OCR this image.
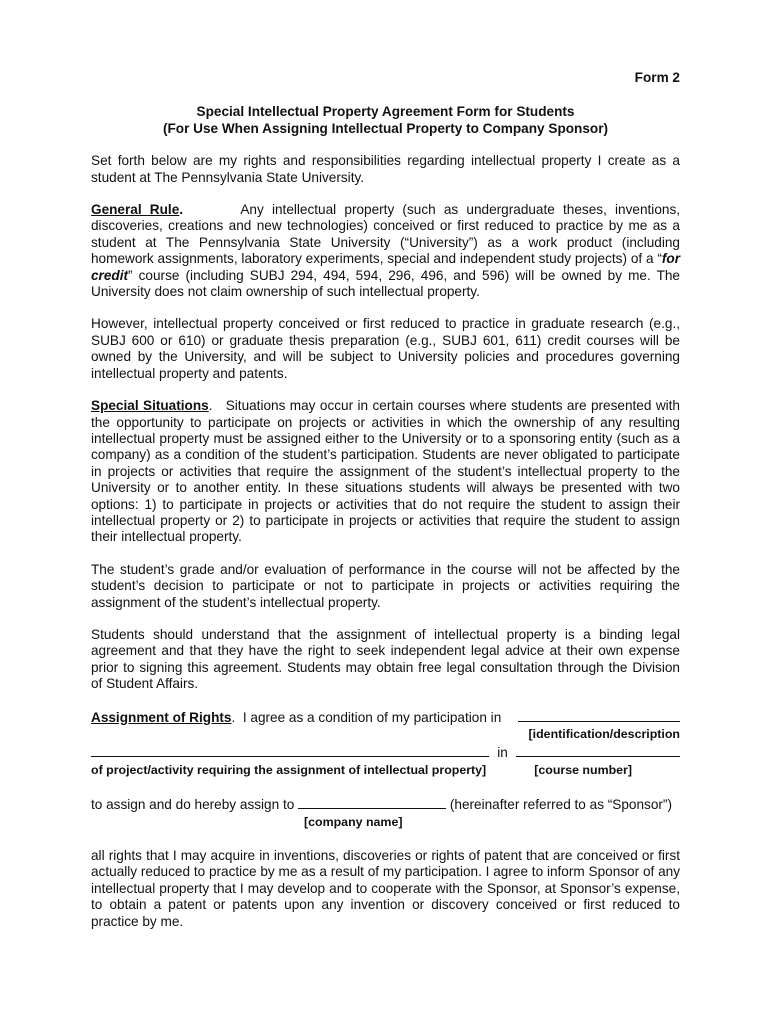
Form 2
Special Intellectual Property Agreement Form for Students
(For Use When Assigning Intellectual Property to Company Sponsor)
Set forth below are my rights and responsibilities regarding intellectual property I create as a student at The Pennsylvania State University.
General Rule.	Any intellectual property (such as undergraduate theses, inventions, discoveries, creations and new technologies) conceived or first reduced to practice by me as a student at The Pennsylvania State University (“University”) as a work product (including homework assignments, laboratory experiments, special and independent study projects) of a “for credit” course (including SUBJ 294, 494, 594, 296, 496, and 596) will be owned by me. The University does not claim ownership of such intellectual property.
However, intellectual property conceived or first reduced to practice in graduate research (e.g., SUBJ 600 or 610) or graduate thesis preparation (e.g., SUBJ 601, 611) credit courses will be owned by the University, and will be subject to University policies and procedures governing intellectual property and patents.
Special Situations.   Situations may occur in certain courses where students are presented with the opportunity to participate on projects or activities in which the ownership of any resulting intellectual property must be assigned either to the University or to a sponsoring entity (such as a company) as a condition of the student’s participation. Students are never obligated to participate in projects or activities that require the assignment of the student’s intellectual property to the University or to another entity. In these situations students will always be presented with two options: 1) to participate in projects or activities that do not require the student to assign their intellectual property or 2) to participate in projects or activities that require the student to assign their intellectual property.
The student’s grade and/or evaluation of performance in the course will not be affected by the student’s decision to participate or not to participate in projects or activities requiring the assignment of the student’s intellectual property.
Students should understand that the assignment of intellectual property is a binding legal agreement and that they have the right to seek independent legal advice at their own expense prior to signing this agreement. Students may obtain free legal consultation through the Division of Student Affairs.
Assignment of Rights.  I agree as a condition of my participation in
[identification/description
in
of project/activity requiring the assignment of intellectual property]	[course number]
to assign and do hereby assign to	(hereinafter referred to as “Sponsor”)
[company name]
all rights that I may acquire in inventions, discoveries or rights of patent that are conceived or first actually reduced to practice by me as a result of my participation. I agree to inform Sponsor of any intellectual property that I may develop and to cooperate with the Sponsor, at Sponsor’s expense, to obtain a patent or patents upon any invention or discovery conceived or first reduced to practice by me.
